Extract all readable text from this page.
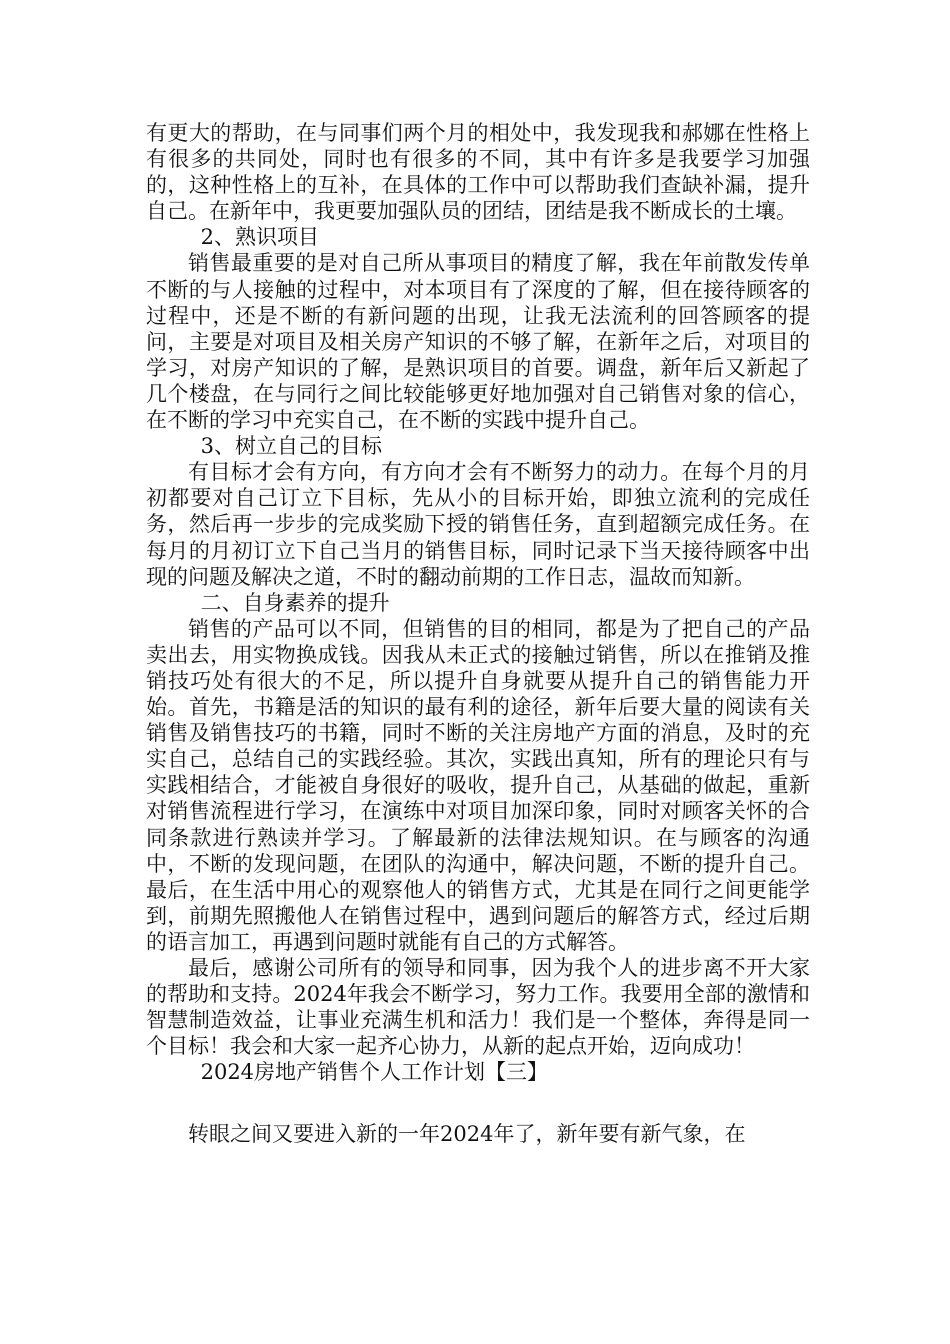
有更大的帮助，在与同事们两个月的相处中，我发现我和郝娜在性格上有很多的共同处，同时也有很多的不同，其中有许多是我要学习加强的，这种性格上的互补，在具体的工作中可以帮助我们查缺补漏，提升自己。在新年中，我更要加强队员的团结，团结是我不断成长的土壤。

2、熟识项目

销售最重要的是对自己所从事项目的精度了解，我在年前散发传单不断的与人接触的过程中，对本项目有了深度的了解，但在接待顾客的过程中，还是不断的有新问题的出现，让我无法流利的回答顾客的提问，主要是对项目及相关房产知识的不够了解，在新年之后，对项目的学习，对房产知识的了解，是熟识项目的首要。调盘，新年后又新起了几个楼盘，在与同行之间比较能够更好地加强对自己销售对象的信心，在不断的学习中充实自己，在不断的实践中提升自己。

3、树立自己的目标

有目标才会有方向，有方向才会有不断努力的动力。在每个月的月初都要对自己订立下目标，先从小的目标开始，即独立流利的完成任务，然后再一步步的完成奖励下授的销售任务，直到超额完成任务。在每月的月初订立下自己当月的销售目标，同时记录下当天接待顾客中出现的问题及解决之道，不时的翻动前期的工作日志，温故而知新。

二、自身素养的提升

销售的产品可以不同，但销售的目的相同，都是为了把自己的产品卖出去，用实物换成钱。因我从未正式的接触过销售，所以在推销及推销技巧处有很大的不足，所以提升自身就要从提升自己的销售能力开始。首先，书籍是活的知识的最有利的途径，新年后要大量的阅读有关销售及销售技巧的书籍，同时不断的关注房地产方面的消息，及时的充实自己，总结自己的实践经验。其次，实践出真知，所有的理论只有与实践相结合，才能被自身很好的吸收，提升自己，从基础的做起，重新对销售流程进行学习，在演练中对项目加深印象，同时对顾客关怀的合同条款进行熟读并学习。了解最新的法律法规知识。在与顾客的沟通中，不断的发现问题，在团队的沟通中，解决问题，不断的提升自己。最后，在生活中用心的观察他人的销售方式，尤其是在同行之间更能学到，前期先照搬他人在销售过程中，遇到问题后的解答方式，经过后期的语言加工，再遇到问题时就能有自己的方式解答。

最后，感谢公司所有的领导和同事，因为我个人的进步离不开大家的帮助和支持。2024年我会不断学习，努力工作。我要用全部的激情和智慧制造效益，让事业充满生机和活力！我们是一个整体，奔得是同一个目标！我会和大家一起齐心协力，从新的起点开始，迈向成功！

2024房地产销售个人工作计划【三】

转眼之间又要进入新的一年2024年了，新年要有新气象，在
